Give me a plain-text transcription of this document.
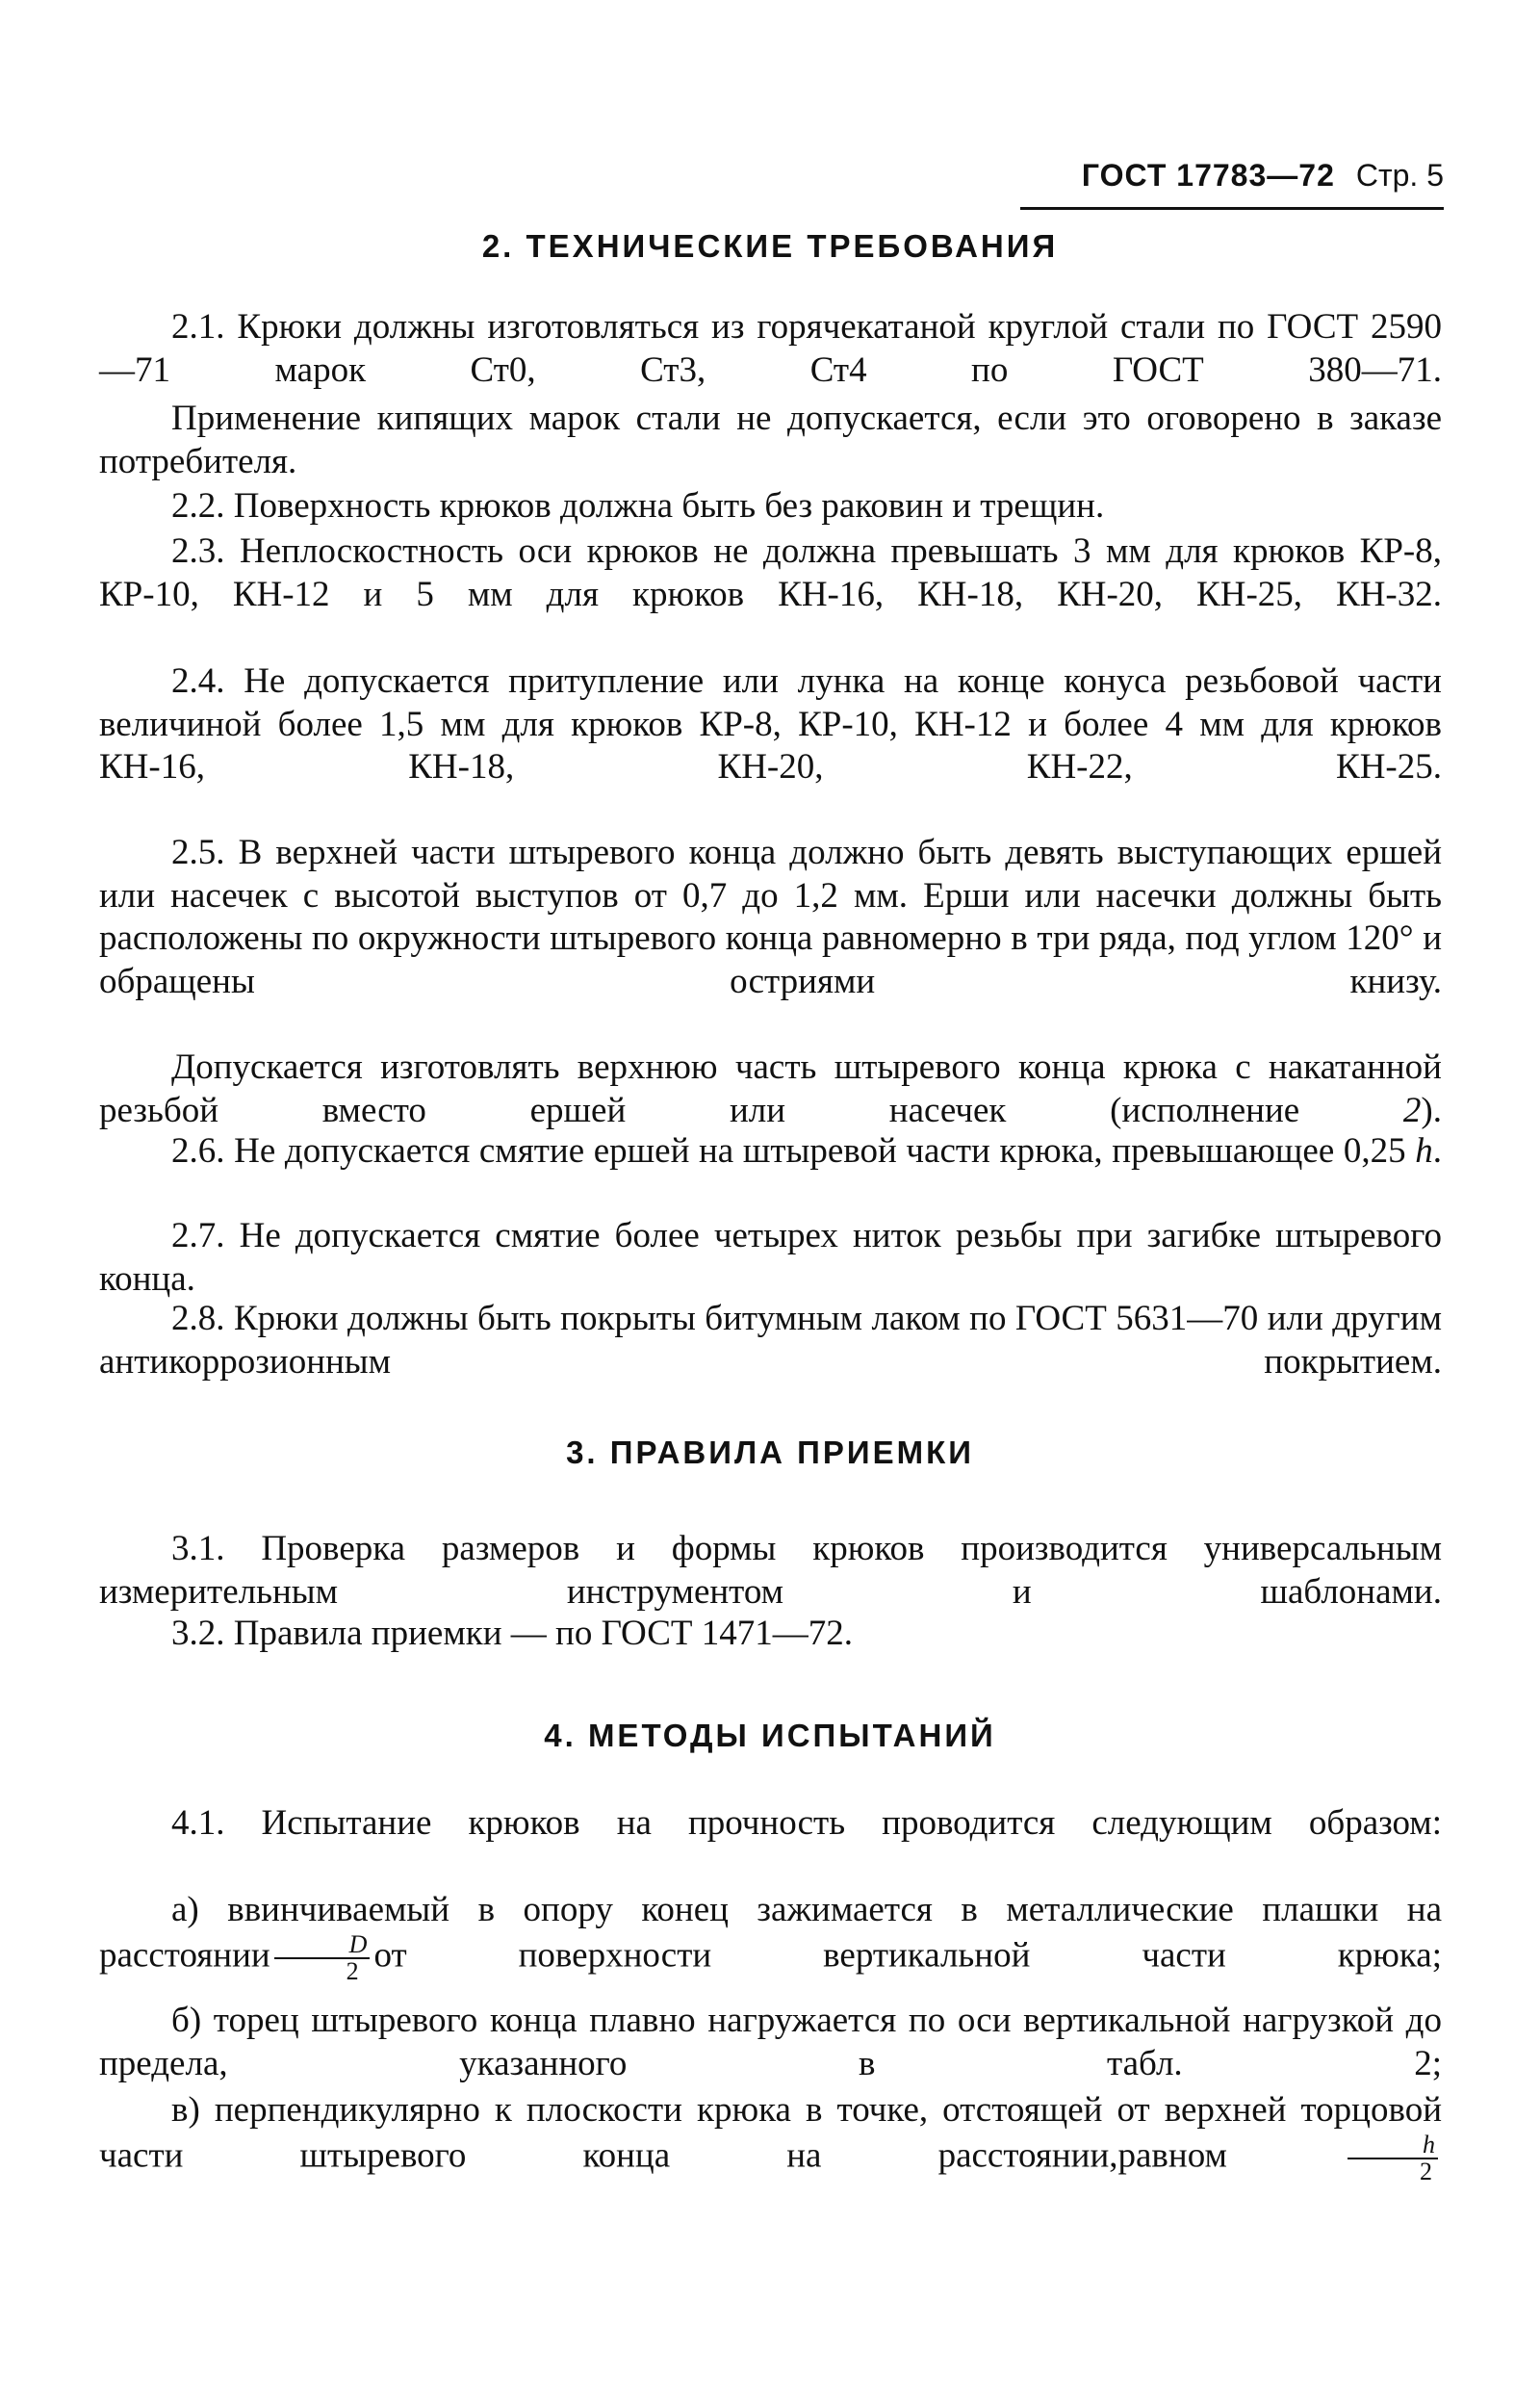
ГОСТ 17783—72 Стр. 5
2. ТЕХНИЧЕСКИЕ ТРЕБОВАНИЯ
2.1. Крюки должны изготовляться из горячекатаной круглой стали по ГОСТ 2590—71 марок Ст0, Ст3, Ст4 по ГОСТ 380—71.
Применение кипящих марок стали не допускается, если это оговорено в заказе потребителя.
2.2. Поверхность крюков должна быть без раковин и трещин.
2.3. Неплоскостность оси крюков не должна превышать 3 мм для крюков КР-8, КР-10, КН-12 и 5 мм для крюков КН-16, КН-18, КН-20, КН-25, КН-32.
2.4. Не допускается притупление или лунка на конце конуса резьбовой части величиной более 1,5 мм для крюков КР-8, КР-10, КН-12 и более 4 мм для крюков КН-16, КН-18, КН-20, КН-22, КН-25.
2.5. В верхней части штыревого конца должно быть девять выступающих ершей или насечек с высотой выступов от 0,7 до 1,2 мм. Ерши или насечки должны быть расположены по окружности штыревого конца равномерно в три ряда, под углом 120° и обращены остриями книзу.
Допускается изготовлять верхнюю часть штыревого конца крюка с накатанной резьбой вместо ершей или насечек (исполнение 2).
2.6. Не допускается смятие ершей на штыревой части крюка, превышающее 0,25 h.
2.7. Не допускается смятие более четырех ниток резьбы при загибке штыревого конца.
2.8. Крюки должны быть покрыты битумным лаком по ГОСТ 5631—70 или другим антикоррозионным покрытием.
3. ПРАВИЛА ПРИЕМКИ
3.1. Проверка размеров и формы крюков производится универсальным измерительным инструментом и шаблонами.
3.2. Правила приемки — по ГОСТ 1471—72.
4. МЕТОДЫ ИСПЫТАНИЙ
4.1. Испытание крюков на прочность проводится следующим образом:
а) ввинчиваемый в опору конец зажимается в металлические плашки на расстоянии $\frac{D}{2}$ от поверхности вертикальной части крюка;
б) торец штыревого конца плавно нагружается по оси вертикальной нагрузкой до предела, указанного в табл. 2;
в) перпендикулярно к плоскости крюка в точке, отстоящей от верхней торцовой части штыревого конца на расстоянии,равном $\frac{h}{2}$
